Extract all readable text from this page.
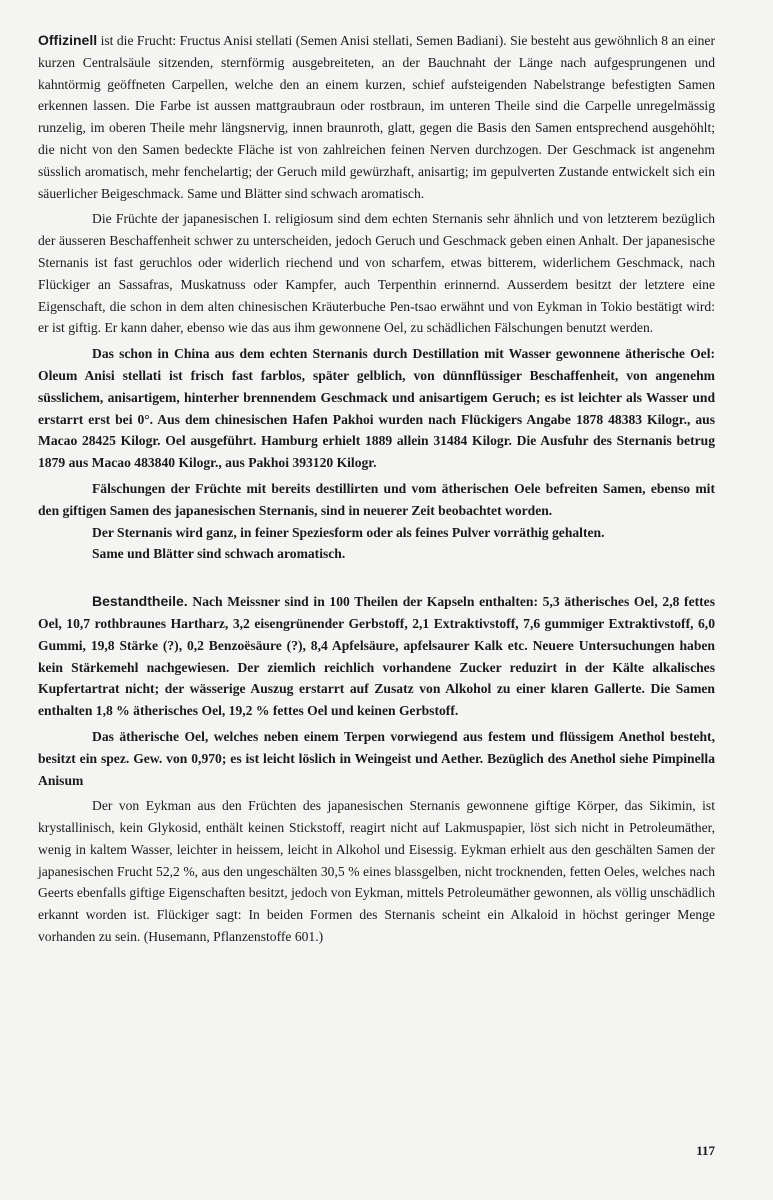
Offizinell ist die Frucht: Fructus Anisi stellati (Semen Anisi stellati, Semen Badiani). Sie besteht aus gewöhnlich 8 an einer kurzen Centralsäule sitzenden, sternförmig ausgebreiteten, an der Bauchnaht der Länge nach aufgesprungenen und kahntörmig geöffneten Carpellen, welche den an einem kurzen, schief aufsteigenden Nabelstrange befestigten Samen erkennen lassen. Die Farbe ist aussen mattgraubraun oder rostbraun, im unteren Theile sind die Carpelle unregelmässig runzelig, im oberen Theile mehr längsnervig, innen braunroth, glatt, gegen die Basis den Samen entsprechend ausgehöhlt; die nicht von den Samen bedeckte Fläche ist von zahlreichen feinen Nerven durchzogen. Der Geschmack ist angenehm süsslich aromatisch, mehr fenchelartig; der Geruch mild gewürzhaft, anisartig; im gepulverten Zustande entwickelt sich ein säuerlicher Beigeschmack. Same und Blätter sind schwach aromatisch.

Die Früchte der japanesischen I. religiosum sind dem echten Sternanis sehr ähnlich und von letzterem bezüglich der äusseren Beschaffenheit schwer zu unterscheiden, jedoch Geruch und Geschmack geben einen Anhalt. Der japanesische Sternanis ist fast geruchlos oder widerlich riechend und von scharfem, etwas bitterem, widerlichem Geschmack, nach Flückiger an Sassafras, Muskatnuss oder Kampfer, auch Terpenthin erinnernd. Ausserdem besitzt der letztere eine Eigenschaft, die schon in dem alten chinesischen Kräuterbuche Pen-tsao erwähnt und von Eykman in Tokio bestätigt wird: er ist giftig. Er kann daher, ebenso wie das aus ihm gewonnene Oel, zu schädlichen Fälschungen benutzt werden.

Das schon in China aus dem echten Sternanis durch Destillation mit Wasser gewonnene ätherische Oel: Oleum Anisi stellati ist frisch fast farblos, später gelblich, von dünnflüssiger Beschaffenheit, von angenehm süsslichem, anisartigem, hinterher brennendem Geschmack und anisartigem Geruch; es ist leichter als Wasser und erstarrt erst bei 0°. Aus dem chinesischen Hafen Pakhoi wurden nach Flückigers Angabe 1878 48383 Kilogr., aus Macao 28425 Kilogr. Oel ausgeführt. Hamburg erhielt 1889 allein 31484 Kilogr. Die Ausfuhr des Sternanis betrug 1879 aus Macao 483840 Kilogr., aus Pakhoi 393120 Kilogr.

Fälschungen der Früchte mit bereits destillirten und vom ätherischen Oele befreiten Samen, ebenso mit den giftigen Samen des japanesischen Sternanis, sind in neuerer Zeit beobachtet worden.

Der Sternanis wird ganz, in feiner Speziesform oder als feines Pulver vorräthig gehalten.

Same und Blätter sind schwach aromatisch.

Bestandtheile. Nach Meissner sind in 100 Theilen der Kapseln enthalten: 5,3 ätherisches Oel, 2,8 fettes Oel, 10,7 rothbraunes Hartharz, 3,2 eisengrünender Gerbstoff, 2,1 Extraktivstoff, 7,6 gummiger Extraktivstoff, 6,0 Gummi, 19,8 Stärke (?), 0,2 Benzoësäure (?), 8,4 Apfelsäure, apfelsaurer Kalk etc. Neuere Untersuchungen haben kein Stärkemehl nachgewiesen. Der ziemlich reichlich vorhandene Zucker reduzirt in der Kälte alkalisches Kupfertartrat nicht; der wässerige Auszug erstarrt auf Zusatz von Alkohol zu einer klaren Gallerte. Die Samen enthalten 1,8 % ätherisches Oel, 19,2 % fettes Oel und keinen Gerbstoff.

Das ätherische Oel, welches neben einem Terpen vorwiegend aus festem und flüssigem Anethol besteht, besitzt ein spez. Gew. von 0,970; es ist leicht löslich in Weingeist und Aether. Bezüglich des Anethol siehe Pimpinella Anisum

Der von Eykman aus den Früchten des japanesischen Sternanis gewonnene giftige Körper, das Sikimin, ist krystallinisch, kein Glykosid, enthält keinen Stickstoff, reagirt nicht auf Lakmuspapier, löst sich nicht in Petroleumäther, wenig in kaltem Wasser, leichter in heissem, leicht in Alkohol und Eisessig. Eykman erhielt aus den geschälten Samen der japanesischen Frucht 52,2 %, aus den ungeschälten 30,5 % eines blassgelben, nicht trocknenden, fetten Oeles, welches nach Geerts ebenfalls giftige Eigenschaften besitzt, jedoch von Eykman, mittels Petroleumäther gewonnen, als völlig unschädlich erkannt worden ist. Flückiger sagt: In beiden Formen des Sternanis scheint ein Alkaloid in höchst geringer Menge vorhanden zu sein. (Husemann, Pflanzenstoffe 601.)

117
